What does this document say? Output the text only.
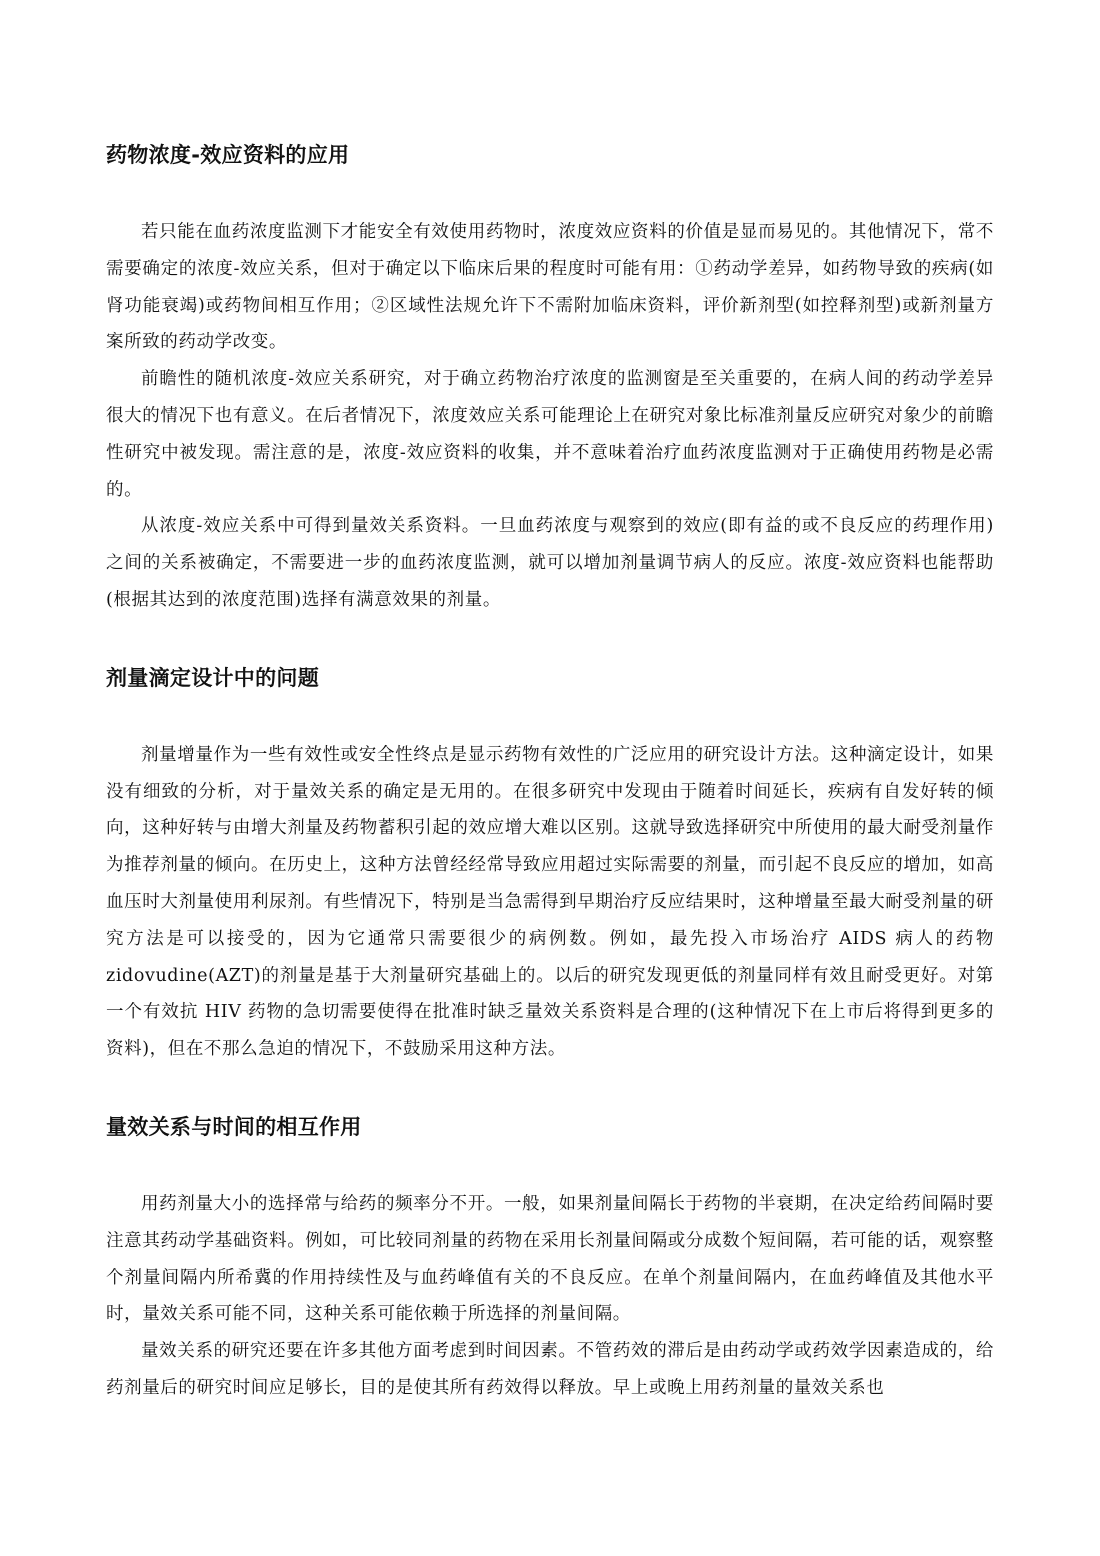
药物浓度-效应资料的应用

若只能在血药浓度监测下才能安全有效使用药物时，浓度效应资料的价值是显而易见的。其他情况下，常不需要确定的浓度-效应关系，但对于确定以下临床后果的程度时可能有用：①药动学差异，如药物导致的疾病(如肾功能衰竭)或药物间相互作用；②区域性法规允许下不需附加临床资料，评价新剂型(如控释剂型)或新剂量方案所致的药动学改变。

前瞻性的随机浓度-效应关系研究，对于确立药物治疗浓度的监测窗是至关重要的，在病人间的药动学差异很大的情况下也有意义。在后者情况下，浓度效应关系可能理论上在研究对象比标准剂量反应研究对象少的前瞻性研究中被发现。需注意的是，浓度-效应资料的收集，并不意味着治疗血药浓度监测对于正确使用药物是必需的。

从浓度-效应关系中可得到量效关系资料。一旦血药浓度与观察到的效应(即有益的或不良反应的药理作用)之间的关系被确定，不需要进一步的血药浓度监测，就可以增加剂量调节病人的反应。浓度-效应资料也能帮助(根据其达到的浓度范围)选择有满意效果的剂量。

剂量滴定设计中的问题

剂量增量作为一些有效性或安全性终点是显示药物有效性的广泛应用的研究设计方法。这种滴定设计，如果没有细致的分析，对于量效关系的确定是无用的。在很多研究中发现由于随着时间延长，疾病有自发好转的倾向，这种好转与由增大剂量及药物蓄积引起的效应增大难以区别。这就导致选择研究中所使用的最大耐受剂量作为推荐剂量的倾向。在历史上，这种方法曾经经常导致应用超过实际需要的剂量，而引起不良反应的增加，如高血压时大剂量使用利尿剂。有些情况下，特别是当急需得到早期治疗反应结果时，这种增量至最大耐受剂量的研究方法是可以接受的，因为它通常只需要很少的病例数。例如，最先投入市场治疗 AIDS 病人的药物 zidovudine(AZT)的剂量是基于大剂量研究基础上的。以后的研究发现更低的剂量同样有效且耐受更好。对第一个有效抗 HIV 药物的急切需要使得在批准时缺乏量效关系资料是合理的(这种情况下在上市后将得到更多的资料)，但在不那么急迫的情况下，不鼓励采用这种方法。

量效关系与时间的相互作用

用药剂量大小的选择常与给药的频率分不开。一般，如果剂量间隔长于药物的半衰期，在决定给药间隔时要注意其药动学基础资料。例如，可比较同剂量的药物在采用长剂量间隔或分成数个短间隔，若可能的话，观察整个剂量间隔内所希冀的作用持续性及与血药峰值有关的不良反应。在单个剂量间隔内，在血药峰值及其他水平时，量效关系可能不同，这种关系可能依赖于所选择的剂量间隔。

量效关系的研究还要在许多其他方面考虑到时间因素。不管药效的滞后是由药动学或药效学因素造成的，给药剂量后的研究时间应足够长，目的是使其所有药效得以释放。早上或晚上用药剂量的量效关系也
